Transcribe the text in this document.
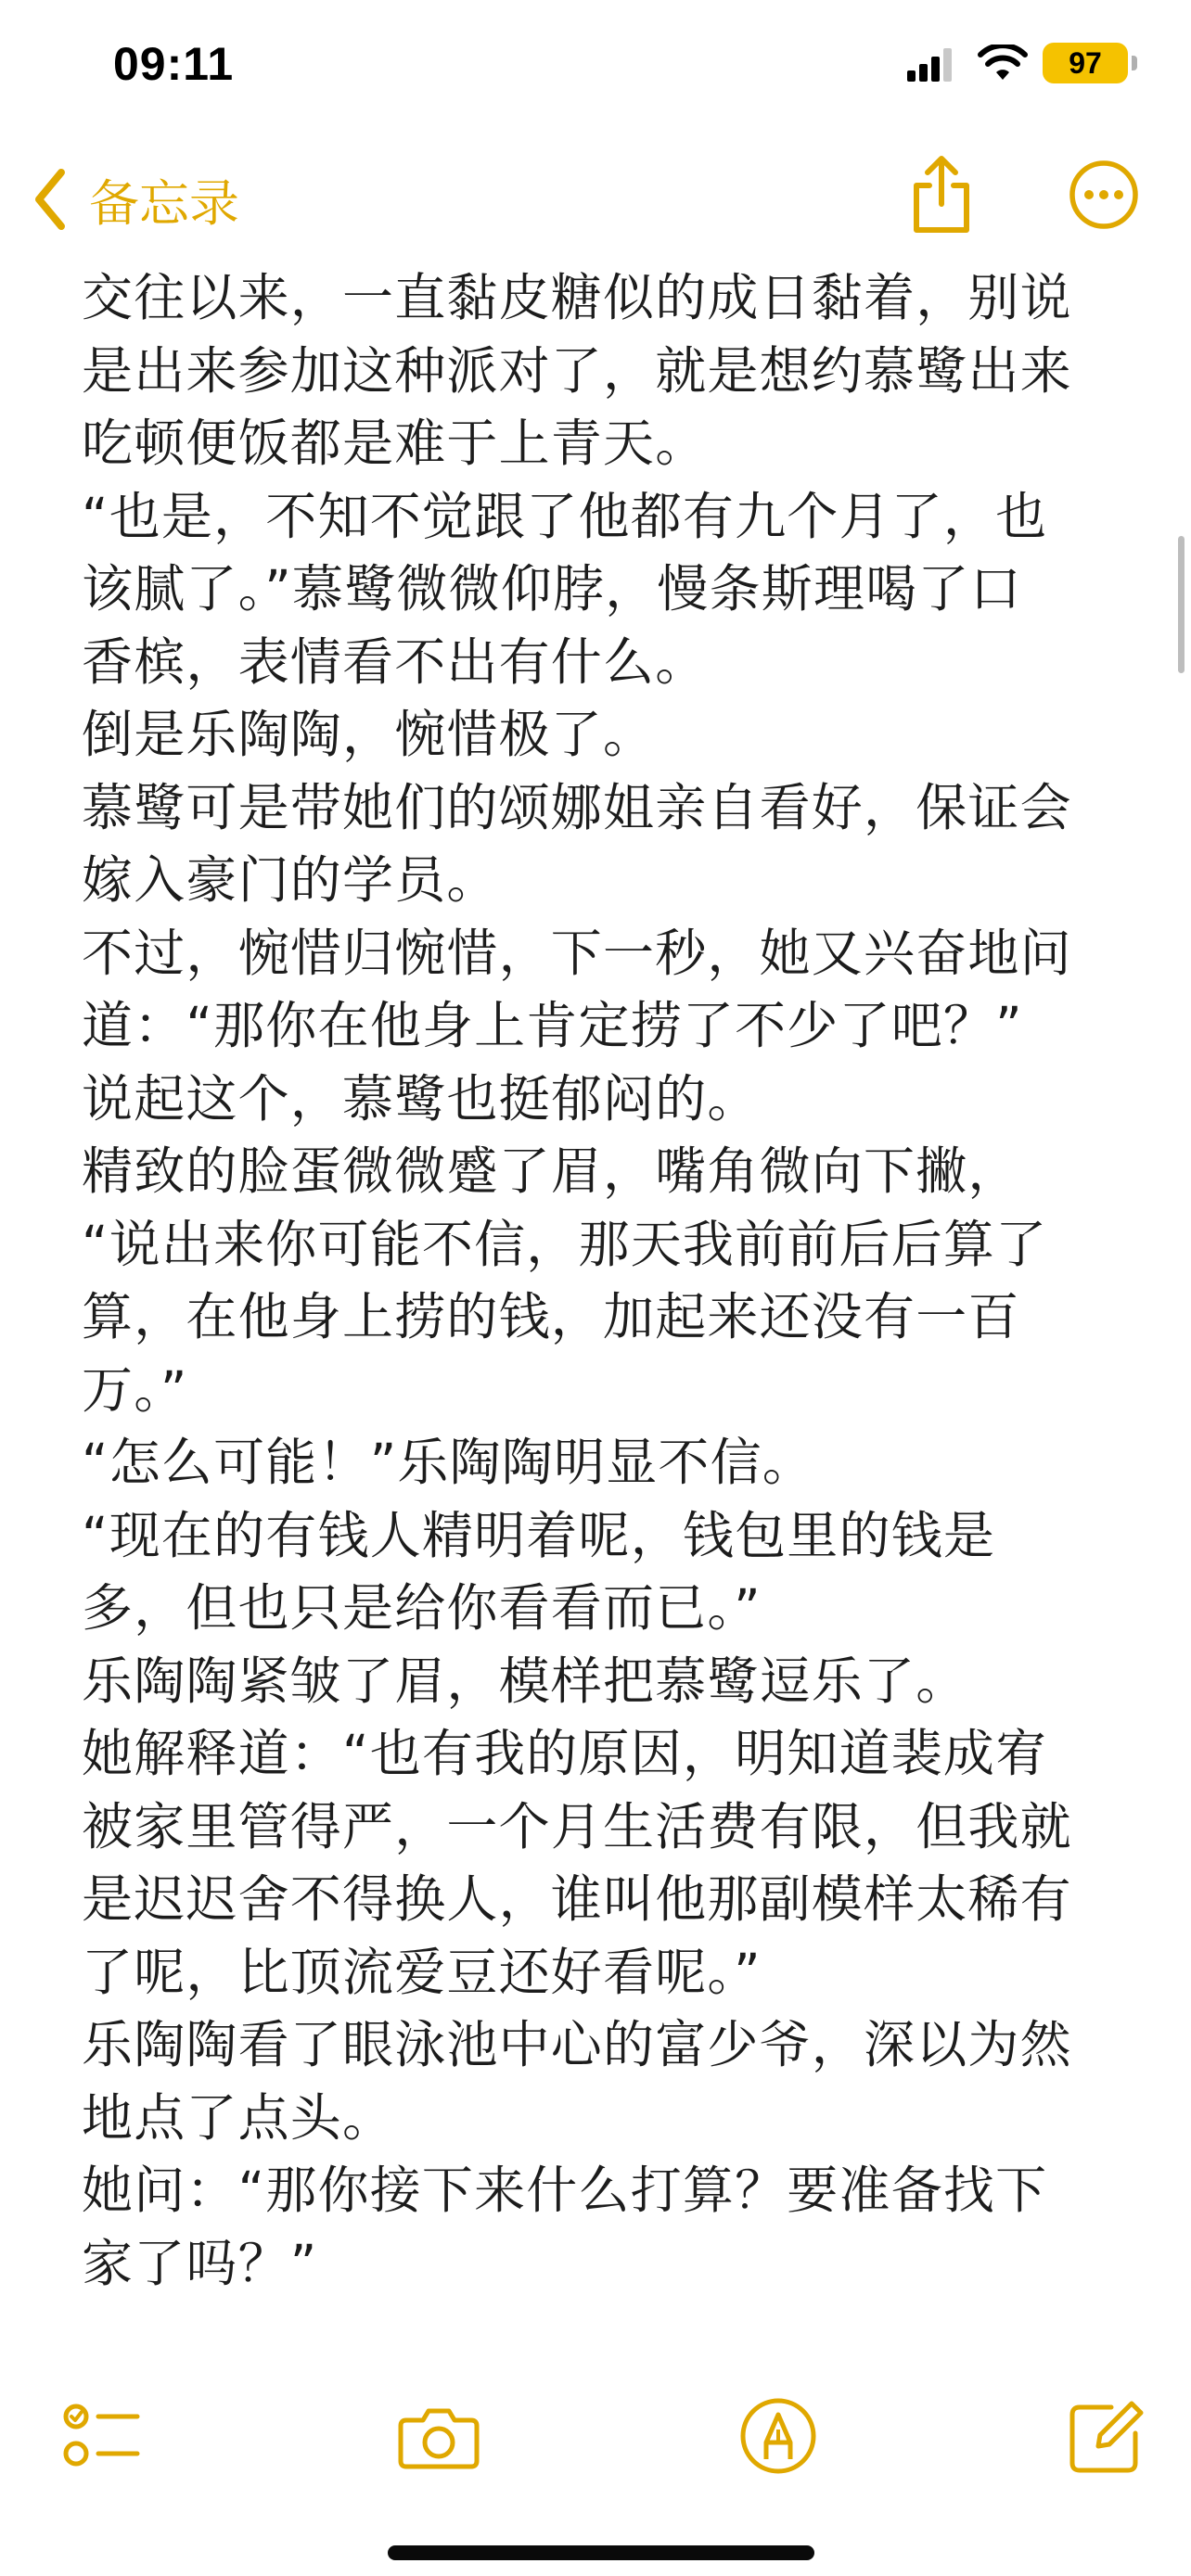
09:11	97
备忘录
交往以来，一直黏皮糖似的成日黏着，别说
是出来参加这种派对了，就是想约慕鹭出来
吃顿便饭都是难于上青天。
“也是，不知不觉跟了他都有九个月了，也
该腻了。”慕鹭微微仰脖，慢条斯理喝了口
香槟，表情看不出有什么。
倒是乐陶陶，惋惜极了。
慕鹭可是带她们的颂娜姐亲自看好，保证会
嫁入豪门的学员。
不过，惋惜归惋惜，下一秒，她又兴奋地问
道：“那你在他身上肯定捞了不少了吧？”
说起这个，慕鹭也挺郁闷的。
精致的脸蛋微微蹙了眉，嘴角微向下撇，
“说出来你可能不信，那天我前前后后算了
算，在他身上捞的钱，加起来还没有一百
万。”
“怎么可能！”乐陶陶明显不信。
“现在的有钱人精明着呢，钱包里的钱是
多，但也只是给你看看而已。”
乐陶陶紧皱了眉，模样把慕鹭逗乐了。
她解释道：“也有我的原因，明知道裴成宥
被家里管得严，一个月生活费有限，但我就
是迟迟舍不得换人，谁叫他那副模样太稀有
了呢，比顶流爱豆还好看呢。”
乐陶陶看了眼泳池中心的富少爷，深以为然
地点了点头。
她问：“那你接下来什么打算？要准备找下
家了吗？”
